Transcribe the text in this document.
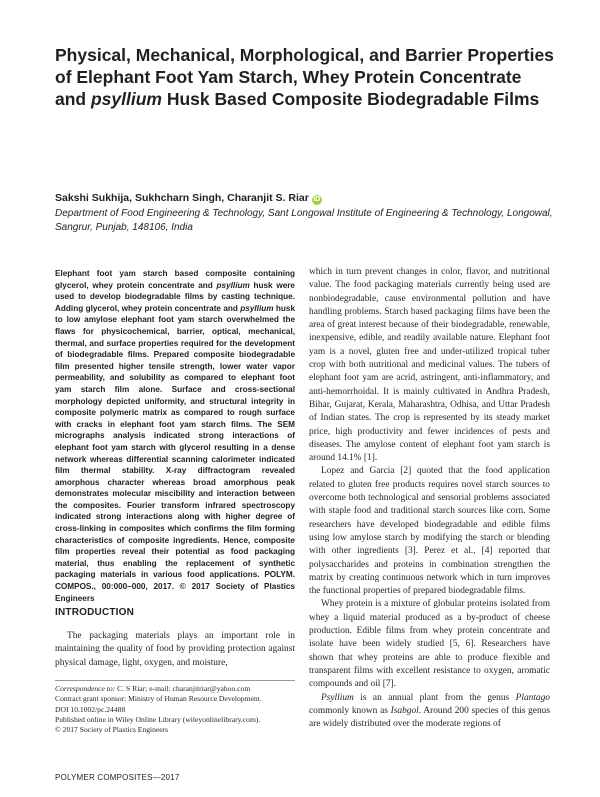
Physical, Mechanical, Morphological, and Barrier Properties of Elephant Foot Yam Starch, Whey Protein Concentrate and psyllium Husk Based Composite Biodegradable Films
Sakshi Sukhija, Sukhcharn Singh, Charanjit S. Riar iD
Department of Food Engineering & Technology, Sant Longowal Institute of Engineering & Technology, Longowal, Sangrur, Punjab, 148106, India

Elephant foot yam starch based composite containing glycerol, whey protein concentrate and psyllium husk were used to develop biodegradable films by casting technique. Adding glycerol, whey protein concentrate and psyllium husk to low amylose elephant foot yam starch overwhelmed the flaws for physicochemical, barrier, optical, mechanical, thermal, and surface properties required for the development of biodegradable films. Prepared composite biodegradable film presented higher tensile strength, lower water vapor permeability, and solubility as compared to elephant foot yam starch film alone. Surface and cross-sectional morphology depicted uniformity, and structural integrity in composite polymeric matrix as compared to rough surface with cracks in elephant foot yam starch films. The SEM micrographs analysis indicated strong interactions of elephant foot yam starch with glycerol resulting in a dense network whereas differential scanning calorimeter indicated film thermal stability. X-ray diffractogram revealed amorphous character whereas broad amorphous peak demonstrates molecular miscibility and interaction between the composites. Fourier transform infrared spectroscopy indicated strong interactions along with higher degree of cross-linking in composites which confirms the film forming characteristics of composite ingredients. Hence, composite film properties reveal their potential as food packaging material, thus enabling the replacement of synthetic packaging materials in various food applications. POLYM. COMPOS., 00:000–000, 2017. © 2017 Society of Plastics Engineers

INTRODUCTION

The packaging materials plays an important role in maintaining the quality of food by providing protection against physical damage, light, oxygen, and moisture,

Correspondence to: C. S Riar; e-mail: charanjitriar@yahoo.com
Contract grant sponsor: Ministry of Human Resource Development.
DOI 10.1002/pc.24488
Published online in Wiley Online Library (wileyonlinelibrary.com).
© 2017 Society of Plastics Engineers

which in turn prevent changes in color, flavor, and nutritional value. The food packaging materials currently being used are nonbiodegradable, cause environmental pollution and have handling problems. Starch based packaging films have been the area of great interest because of their biodegradable, renewable, inexpensive, edible, and readily available nature. Elephant foot yam is a novel, gluten free and under-utilized tropical tuber crop with both nutritional and medicinal values. The tubers of elephant foot yam are acrid, astringent, anti-inflammatory, and anti-hemorrhoidal. It is mainly cultivated in Andhra Pradesh, Bihar, Gujarat, Kerala, Maharashtra, Odhisa, and Uttar Pradesh of Indian states. The crop is represented by its steady market price, high productivity and fewer incidences of pests and diseases. The amylose content of elephant foot yam starch is around 14.1% [1].

Lopez and Garcia [2] quoted that the food application related to gluten free products requires novel starch sources to overcome both technological and sensorial problems associated with staple food and traditional starch sources like corn. Some researchers have developed biodegradable and edible films using low amylose starch by modifying the starch or blending with other ingredients [3]. Perez et al., [4] reported that polysaccharides and proteins in combination strengthen the matrix by creating continuous network which in turn improves the functional properties of prepared biodegradable films.

Whey protein is a mixture of globular proteins isolated from whey a liquid material produced as a by-product of cheese production. Edible films from whey protein concentrate and isolate have been widely studied [5, 6]. Researchers have shown that whey proteins are able to produce flexible and transparent films with excellent resistance to oxygen, aromatic compounds and oil [7].

Psyllium is an annual plant from the genus Plantago commonly known as Isabgol. Around 200 species of this genus are widely distributed over the moderate regions of

POLYMER COMPOSITES—2017
